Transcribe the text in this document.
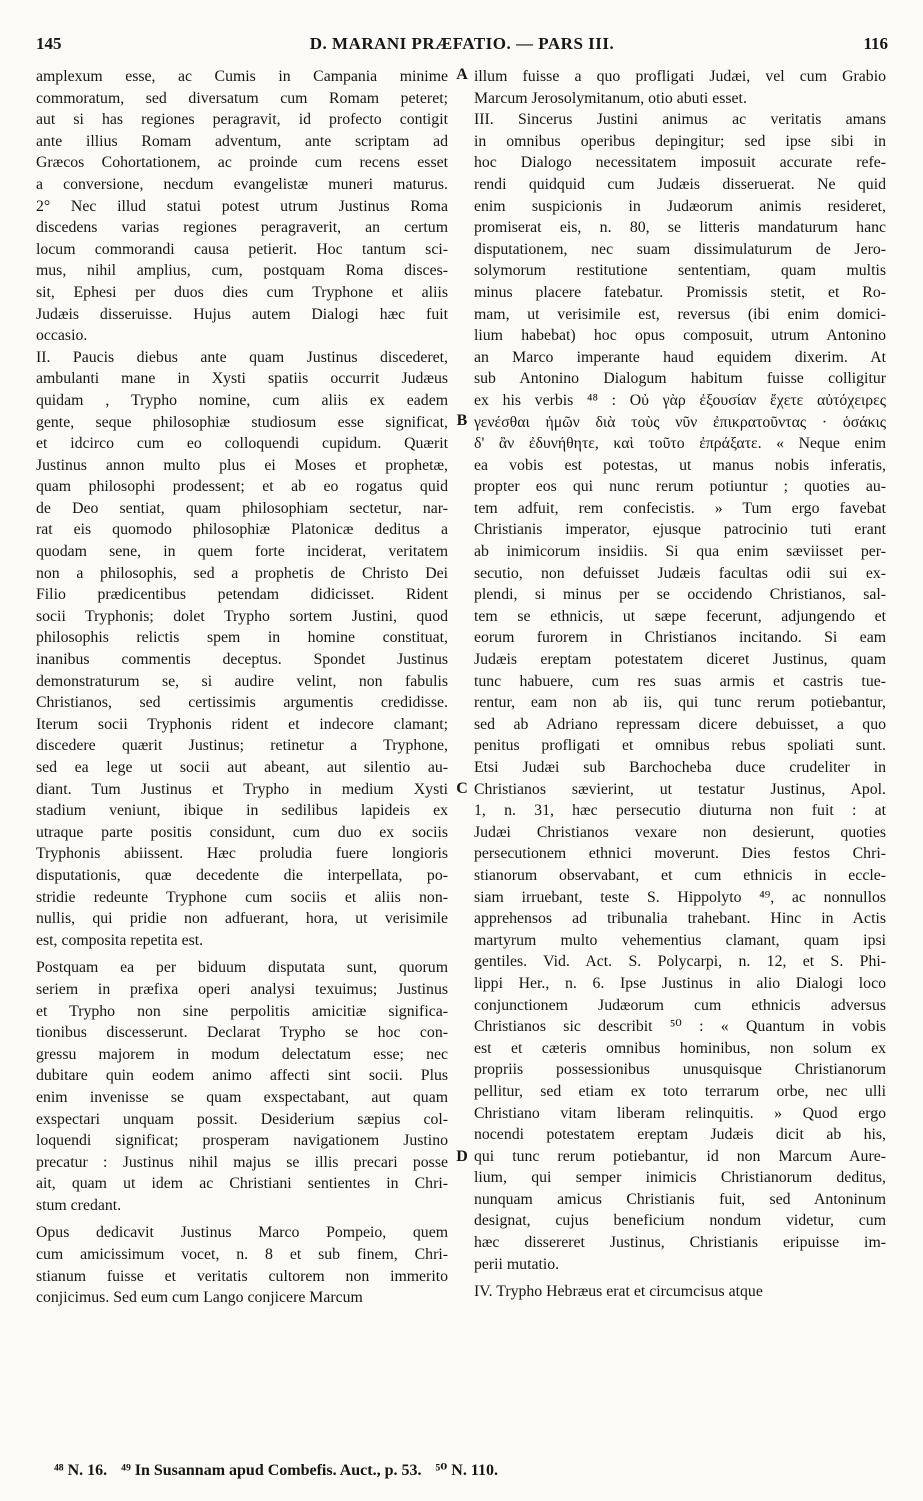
145	D. MARANI PRÆFATIO. — PARS III.	116
amplexum esse, ac Cumis in Campania minime
commoratum, sed diversatum cum Romam peteret;
aut si has regiones peragravit, id profecto contigit
ante illius Romam adventum, ante scriptam ad
Græcos Cohortationem, ac proinde cum recens esset
a conversione, necdum evangelistæ muneri maturus.
2° Nec illud statui potest utrum Justinus Roma
discedens varias regiones peragraverit, an certum
locum commorandi causa petierit. Hoc tantum sci-
mus, nihil amplius, cum, postquam Roma disces-
sit, Ephesi per duos dies cum Tryphone et aliis
Judæis disseruisse. Hujus autem Dialogi hæc fuit
occasio.
II. Paucis diebus ante quam Justinus discederet,
ambulanti mane in Xysti spatiis occurrit Judæus
quidam , Trypho nomine, cum aliis ex eadem
gente, seque philosophiæ studiosum esse significat,
et idcirco cum eo colloquendi cupidum. Quærit
Justinus annon multo plus ei Moses et prophetæ,
quam philosophi prodessent; et ab eo rogatus quid
de Deo sentiat, quam philosophiam sectetur, nar-
rat eis quomodo philosophiæ Platonicæ deditus a
quodam sene, in quem forte inciderat, veritatem
non a philosophis, sed a prophetis de Christo Dei
Filio prædicentibus petendam didicisset. Rident
socii Tryphonis; dolet Trypho sortem Justini, quod
philosophis relictis spem in homine constituat,
inanibus commentis deceptus. Spondet Justinus
demonstraturum se, si audire velint, non fabulis
Christianos, sed certissimis argumentis credidisse.
Iterum socii Tryphonis rident et indecore clamant;
discedere quærit Justinus; retinetur a Tryphone,
sed ea lege ut socii aut abeant, aut silentio au-
diant. Tum Justinus et Trypho in medium Xysti
stadium veniunt, ibique in sedilibus lapideis ex
utraque parte positis considunt, cum duo ex sociis
Tryphonis abiissent. Hæc proludia fuere longioris
disputationis, quæ decedente die interpellata, po-
stridie redeunte Tryphone cum sociis et aliis non-
nullis, qui pridie non adfuerant, hora, ut verisimile
est, composita repetita est.
Postquam ea per biduum disputata sunt, quorum
seriem in præfixa operi analysi texuimus; Justinus
et Trypho non sine perpolitis amicitiæ significa-
tionibus discesserunt. Declarat Trypho se hoc con-
gressu majorem in modum delectatum esse; nec
dubitare quin eodem animo affecti sint socii. Plus
enim invenisse se quam exspectabant, aut quam
exspectari unquam possit. Desiderium sæpius col-
loquendi significat; prosperam navigationem Justino
precatur : Justinus nihil majus se illis precari posse
ait, quam ut idem ac Christiani sentientes in Chri-
stum credant.
Opus dedicavit Justinus Marco Pompeio, quem
cum amicissimum vocet, n. 8 et sub finem, Chri-
stianum fuisse et veritatis cultorem non immerito
conjicimus. Sed eum cum Lango conjicere Marcum
illum fuisse a quo profligati Judæi, vel cum Grabio
Marcum Jerosolymitanum, otio abuti esset.
III. Sincerus Justini animus ac veritatis amans
in omnibus operibus depingitur; sed ipse sibi in
hoc Dialogo necessitatem imposuit accurate refe-
rendi quidquid cum Judæis disseruerat. Ne quid
enim suspicionis in Judæorum animis resideret,
promiserat eis, n. 80, se litteris mandaturum hanc
disputationem, nec suam dissimulaturum de Jero-
solymorum restitutione sententiam, quam multis
minus placere fatebatur. Promissis stetit, et Ro-
mam, ut verisimile est, reversus (ibi enim domici-
lium habebat) hoc opus composuit, utrum Antonino
an Marco imperante haud equidem dixerim. At
sub Antonino Dialogum habitum fuisse colligitur
ex his verbis ⁴⁸ : Οὐ γὰρ ἐξουσίαν ἔχετε αὐτόχειρες
γενέσθαι ἡμῶν διὰ τοὺς νῦν ἐπικρατοῦντας · ὁσάκις
δ' ἂν ἐδυνήθητε, καὶ τοῦτο ἐπράξατε. « Neque enim
ea vobis est potestas, ut manus nobis inferatis,
propter eos qui nunc rerum potiuntur ; quoties au-
tem adfuit, rem confecistis. » Tum ergo favebat
Christianis imperator, ejusque patrocinio tuti erant
ab inimicorum insidiis. Si qua enim sæviisset per-
secutio, non defuisset Judæis facultas odii sui ex-
plendi, si minus per se occidendo Christianos, sal-
tem se ethnicis, ut sæpe fecerunt, adjungendo et
eorum furorem in Christianos incitando. Si eam
Judæis ereptam potestatem diceret Justinus, quam
tunc habuere, cum res suas armis et castris tue-
rentur, eam non ab iis, qui tunc rerum potiebantur,
sed ab Adriano repressam dicere debuisset, a quo
penitus profligati et omnibus rebus spoliati sunt.
Etsi Judæi sub Barchocheba duce crudeliter in
Christianos sævierint, ut testatur Justinus, Apol.
1, n. 31, hæc persecutio diuturna non fuit : at
Judæi Christianos vexare non desierunt, quoties
persecutionem ethnici moverunt. Dies festos Chri-
stianorum observabant, et cum ethnicis in eccle-
siam irruebant, teste S. Hippolyto ⁴⁹, ac nonnullos
apprehensos ad tribunalia trahebant. Hinc in Actis
martyrum multo vehementius clamant, quam ipsi
gentiles. Vid. Act. S. Polycarpi, n. 12, et S. Phi-
lippi Her., n. 6. Ipse Justinus in alio Dialogi loco
conjunctionem Judæorum cum ethnicis adversus
Christianos sic describit ⁵⁰ : « Quantum in vobis
est et cæteris omnibus hominibus, non solum ex
propriis possessionibus unusquisque Christianorum
pellitur, sed etiam ex toto terrarum orbe, nec ulli
Christiano vitam liberam relinquitis. » Quod ergo
nocendi potestatem ereptam Judæis dicit ab his,
qui tunc rerum potiebantur, id non Marcum Aure-
lium, qui semper inimicis Christianorum deditus,
nunquam amicus Christianis fuit, sed Antoninum
designat, cujus beneficium nondum videtur, cum
hæc dissereret Justinus, Christianis eripuisse im-
perii mutatio.
IV. Trypho Hebræus erat et circumcisus atque
A
B
C
D
⁴⁸ N. 16. ⁴⁹ In Susannam apud Combefis. Auct., p. 53. ⁵⁰ N. 110.
